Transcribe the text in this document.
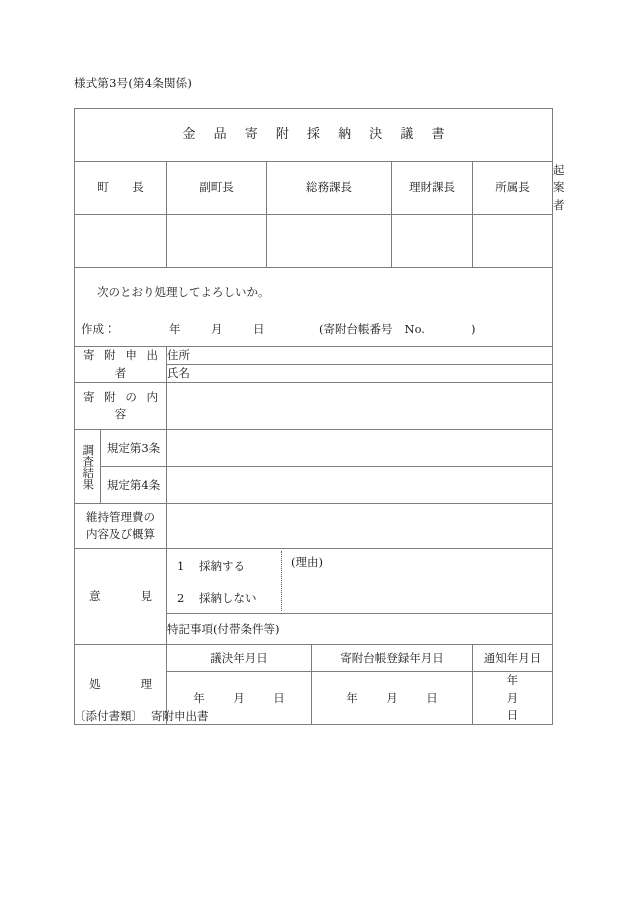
様式第3号(第4条関係)
金 品 寄 附 採 納 決 議 書							
町　長		副町長	総務課長		理財課長	所属長	起案者

次のとおり処理してよろしいか。
作成： 年 月 日 (寄附台帳番号 No. )							

寄 附 申 出 者		住所					
		氏名					
寄 附 の 内 容							

調査結果	規定第3条						
	規定第4条						

維持管理費の
内容及び概算							

意	見

1 採納する
2 採納しない
(理由)

		特記事項(付帯条件等)					

処 理		議決年月日		寄附台帳登録年月日		通知年月日	
		年 月 日		年 月 日		年月日	
〔添付書類〕 寄附申出書
